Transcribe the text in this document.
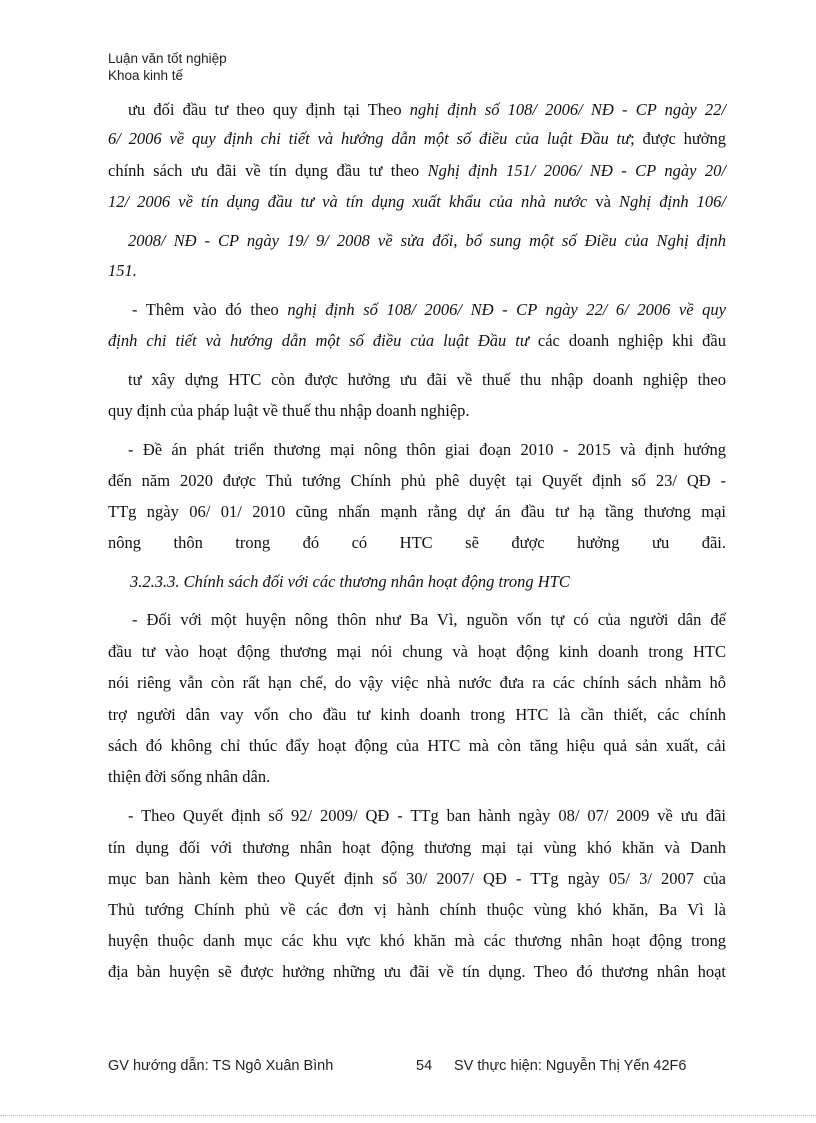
Luận văn tốt nghiệp
Khoa kinh tế
ưu đối đầu tư theo quy định tại Theo nghị định số 108/ 2006/ NĐ - CP ngày 22/
6/ 2006 về quy định chi tiết và hướng dẫn một số điều của luật Đầu tư; được hưởng
chính sách ưu đãi về tín dụng đầu tư theo Nghị định 151/ 2006/ NĐ - CP ngày 20/
12/ 2006 về tín dụng đầu tư và tín dụng xuất khẩu của nhà nước và Nghị định 106/
2008/ NĐ - CP ngày 19/ 9/ 2008 về sửa đổi, bổ sung một số Điều của Nghị định
151.
- Thêm vào đó theo nghị định số 108/ 2006/ NĐ - CP ngày 22/ 6/ 2006 về quy
định chi tiết và hướng dẫn một số điều của luật Đầu tư các doanh nghiệp khi đầu
tư xây dựng HTC còn được hưởng ưu đãi về thuế thu nhập doanh nghiệp theo
quy định của pháp luật về thuế thu nhập doanh nghiệp.
- Đề án phát triển thương mại nông thôn giai đoạn 2010 - 2015 và định hướng
đến năm 2020 được Thủ tướng Chính phủ phê duyệt tại Quyết định số 23/ QĐ -
TTg ngày 06/ 01/ 2010 cũng nhấn mạnh rằng dự án đầu tư hạ tầng thương mại
nông thôn trong đó có HTC sẽ được hưởng ưu đãi.
3.2.3.3. Chính sách đối với các thương nhân hoạt động trong HTC
- Đối với một huyện nông thôn như Ba Vì, nguồn vốn tự có của người dân để
đầu tư vào hoạt động thương mại nói chung và hoạt động kinh doanh trong HTC
nói riêng vẫn còn rất hạn chế, do vậy việc nhà nước đưa ra các chính sách nhằm hỗ
trợ người dân vay vốn cho đầu tư kinh doanh trong HTC là cần thiết, các chính
sách đó không chỉ thúc đẩy hoạt động của HTC mà còn tăng hiệu quả sản xuất, cải
thiện đời sống nhân dân.
- Theo Quyết định số 92/ 2009/ QĐ - TTg ban hành ngày 08/ 07/ 2009 về ưu đãi
tín dụng đối với thương nhân hoạt động thương mại tại vùng khó khăn và Danh
mục ban hành kèm theo Quyết định số 30/ 2007/ QĐ - TTg ngày 05/ 3/ 2007 của
Thủ tướng Chính phủ về các đơn vị hành chính thuộc vùng khó khăn, Ba Vì là
huyện thuộc danh mục các khu vực khó khăn mà các thương nhân hoạt động trong
địa bàn huyện sẽ được hưởng những ưu đãi về tín dụng. Theo đó thương nhân hoạt
GV hướng dẫn: TS Ngô Xuân Bình	54 SV thực hiện: Nguyễn Thị Yến 42F6
